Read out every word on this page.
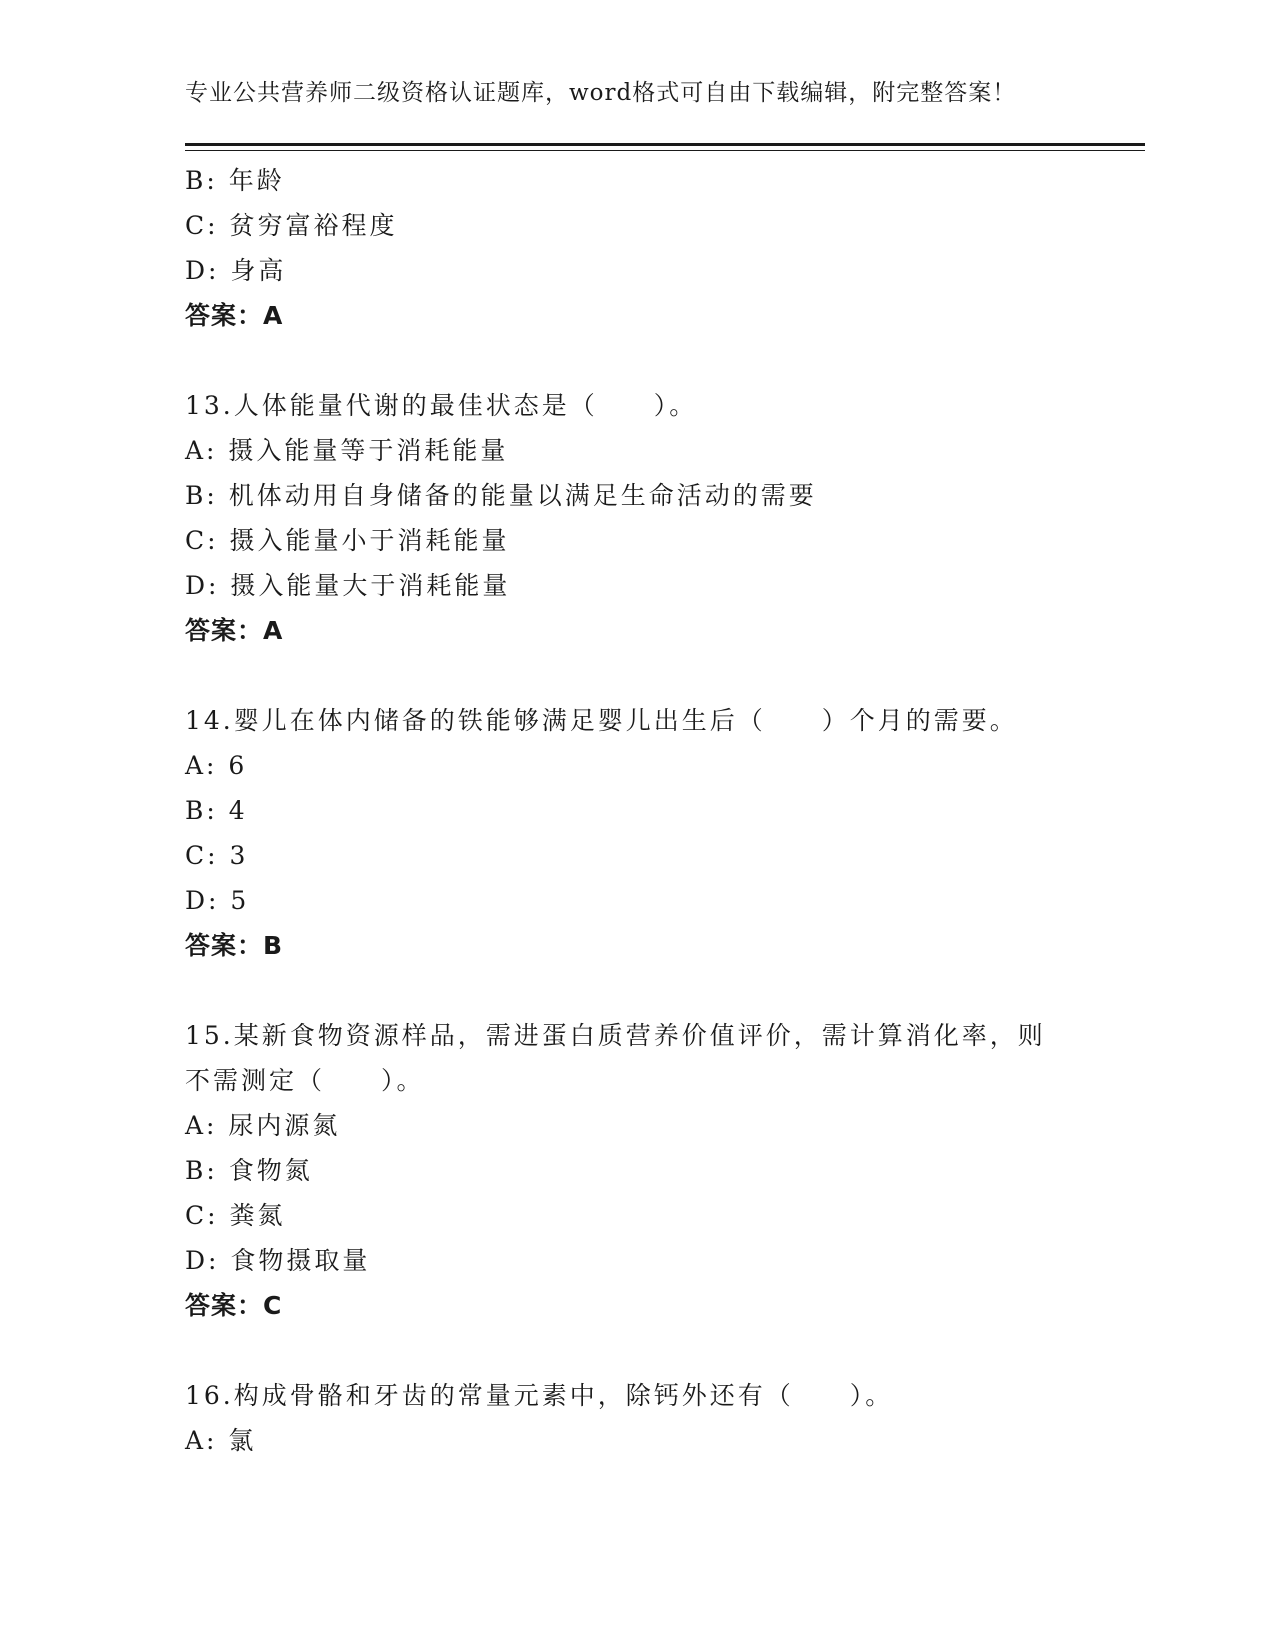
专业公共营养师二级资格认证题库，word格式可自由下载编辑，附完整答案！
B: 年龄
C: 贫穷富裕程度
D: 身高
答案：A
13.人体能量代谢的最佳状态是（　　）。
A: 摄入能量等于消耗能量
B: 机体动用自身储备的能量以满足生命活动的需要
C: 摄入能量小于消耗能量
D: 摄入能量大于消耗能量
答案：A
14.婴儿在体内储备的铁能够满足婴儿出生后（　　）个月的需要。
A: 6
B: 4
C: 3
D: 5
答案：B
15.某新食物资源样品，需进蛋白质营养价值评价，需计算消化率，则
不需测定（　　）。
A: 尿内源氮
B: 食物氮
C: 粪氮
D: 食物摄取量
答案：C
16.构成骨骼和牙齿的常量元素中，除钙外还有（　　）。
A: 氯
